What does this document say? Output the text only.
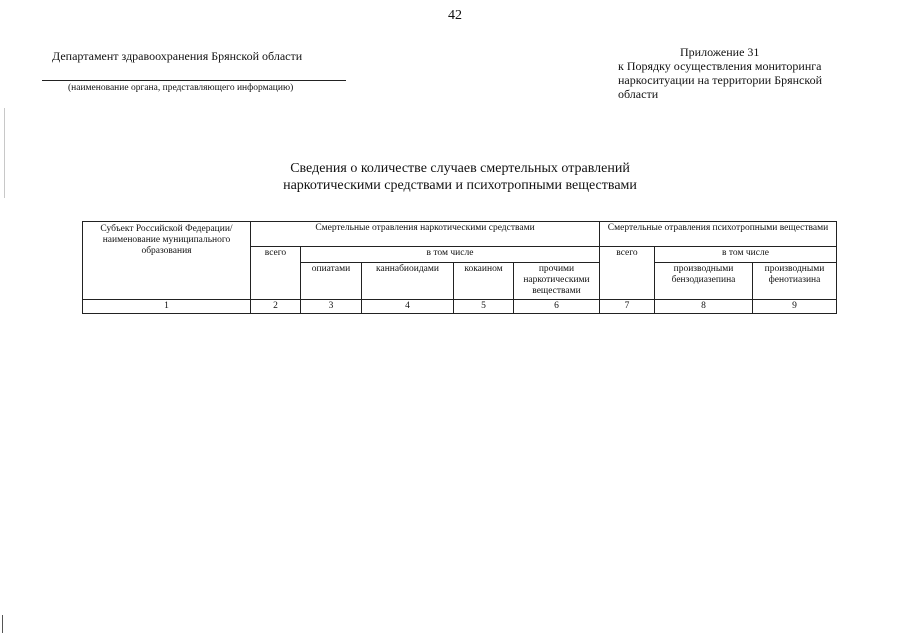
42
Департамент здравоохранения Брянской области
(наименование органа, представляющего информацию)
Приложение 31
к Порядку осуществления мониторинга
наркоситуации на территории Брянской
области
Сведения о количестве случаев смертельных отравлений
наркотическими средствами и психотропными веществами
Субъект Российской Федерации/ наименование муниципального образования	Смертельные отравления наркотическими средствами					Смертельные отравления психотропными веществами		
	всего	в том числе				всего	в том числе	
		опиатами	каннабиоидами	кокаином	прочими наркотическими веществами		производными бензодиазепина	производными фенотиазина
1	2	3	4	5	6	7	8	9
